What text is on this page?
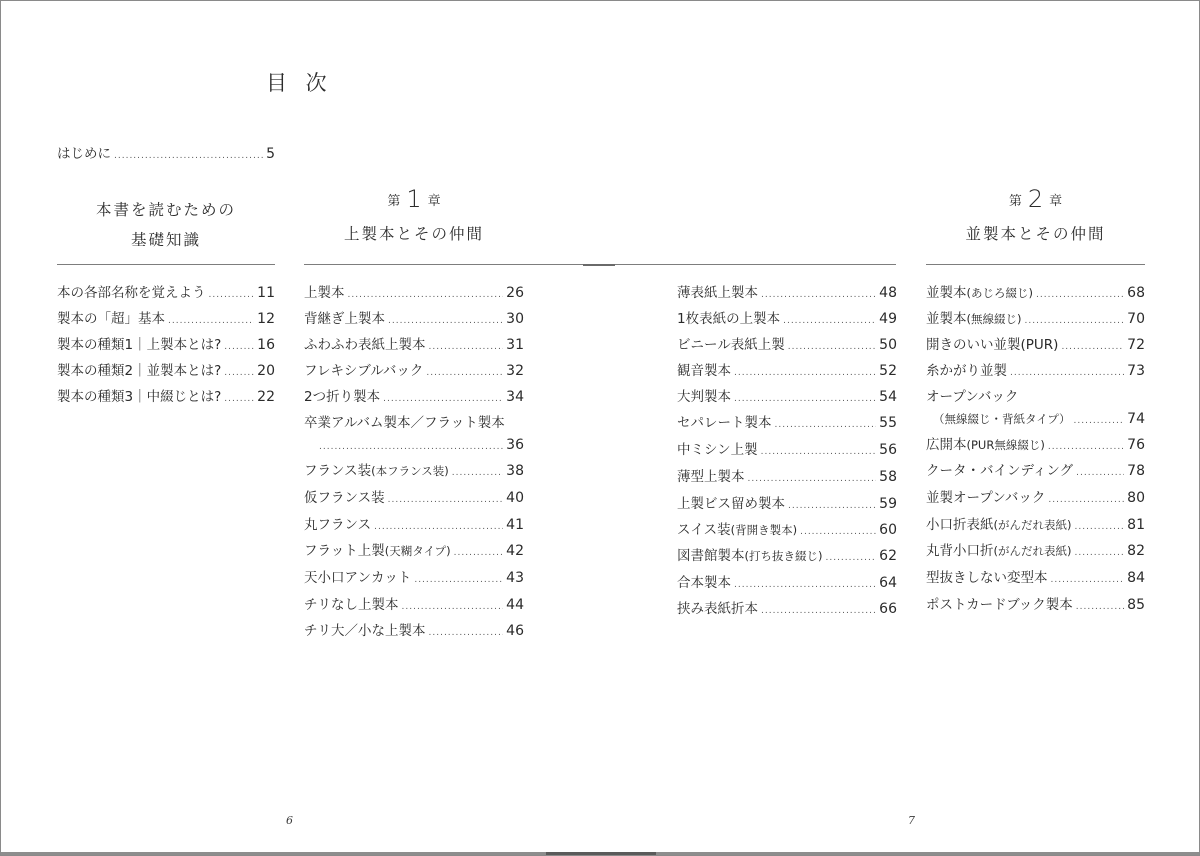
目 次
はじめに .....	5
本書を読むための
基礎知識
本の各部名称を覚えよう .....	11
製本の「超」基本 .....	12
製本の種類1｜上製本とは? .....	16
製本の種類2｜並製本とは? .....	20
製本の種類3｜中綴じとは? .....	22
第 1 章
上製本とその仲間
上製本 .....	26
背継ぎ上製本 .....	30
ふわふわ表紙上製本 .....	31
フレキシブルバック .....	32
2つ折り製本 .....	34
卒業アルバム製本／フラット製本
.....
36
フランス装 (本フランス装) .....	38
仮フランス装 .....	40
丸フランス .....	41
フラット上製 (天糊タイプ) .....	42
天小口アンカット .....	43
チリなし上製本 .....	44
チリ大／小な上製本 .....	46
薄表紙上製本 .....	48
1枚表紙の上製本 .....	49
ビニール表紙上製 .....	50
観音製本 .....	52
大判製本 .....	54
セパレート製本 .....	55
中ミシン上製 .....	56
薄型上製本 .....	58
上製ビス留め製本 .....	59
スイス装 (背開き製本) .....	60
図書館製本 (打ち抜き綴じ) .....	62
合本製本 .....	64
挟み表紙折本 .....	66
第 2 章
並製本とその仲間
並製本 (あじろ綴じ) .....	68
並製本 (無線綴じ) .....	70
開きのいい並製(PUR) .....	72
糸かがり並製 .....	73
オープンバック
（無線綴じ・背紙タイプ） .....	74
広開本 (PUR無線綴じ) .....	76
クータ・バインディング .....	78
並製オープンバック .....	80
小口折表紙 (がんだれ表紙) .....	81
丸背小口折 (がんだれ表紙) .....	82
型抜きしない変型本 .....	84
ポストカードブック製本 .....	85
6	7
